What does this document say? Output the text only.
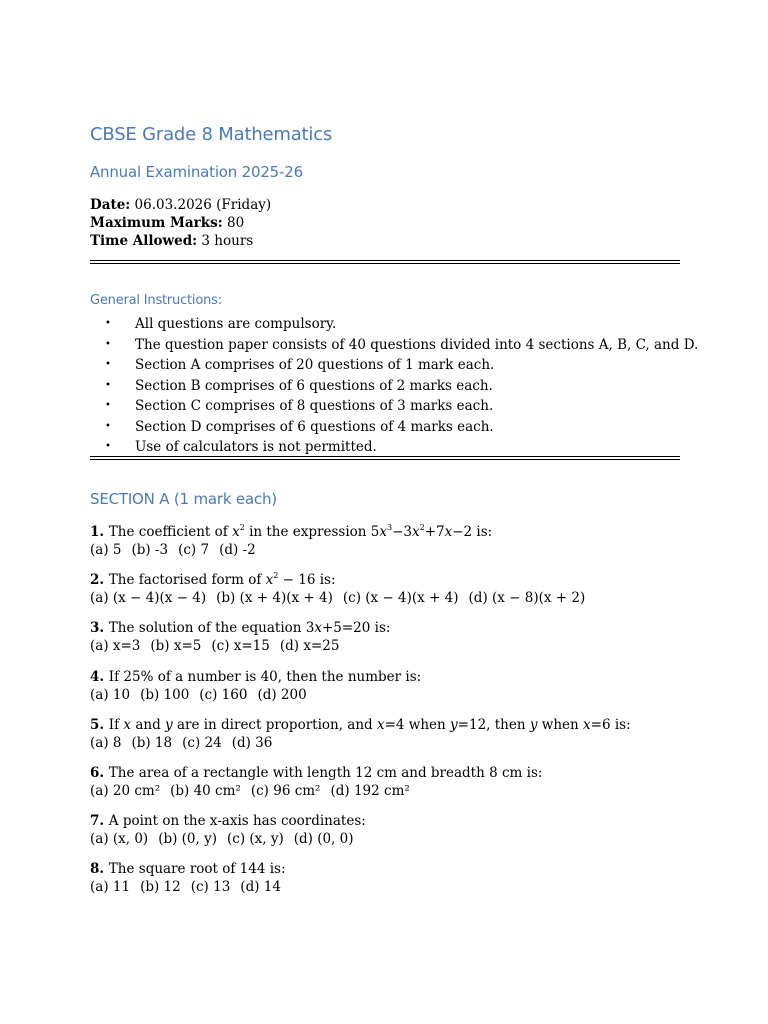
CBSE Grade 8 Mathematics
Annual Examination 2025-26
Date: 06.03.2026 (Friday)
Maximum Marks: 80
Time Allowed: 3 hours
General Instructions:
• All questions are compulsory.
• The question paper consists of 40 questions divided into 4 sections A, B, C, and D.
• Section A comprises of 20 questions of 1 mark each.
• Section B comprises of 6 questions of 2 marks each.
• Section C comprises of 8 questions of 3 marks each.
• Section D comprises of 6 questions of 4 marks each.
• Use of calculators is not permitted.
SECTION A (1 mark each)
1. The coefficient of $x^2$ in the expression $5x^3-3x^2+7x-2$ is:
(a) 5 (b) -3 (c) 7 (d) -2
2. The factorised form of $x^2 - 16$ is:
(a) (x − 4)(x − 4) (b) (x + 4)(x + 4) (c) (x − 4)(x + 4) (d) (x − 8)(x + 2)
3. The solution of the equation 3x+5=20 is:
(a) x=3 (b) x=5 (c) x=15 (d) x=25
4. If 25% of a number is 40, then the number is:
(a) 10 (b) 100 (c) 160 (d) 200
5. If x and y are in direct proportion, and x=4 when y=12, then y when x=6 is:
(a) 8 (b) 18 (c) 24 (d) 36
6. The area of a rectangle with length 12 cm and breadth 8 cm is:
(a) 20 cm² (b) 40 cm² (c) 96 cm² (d) 192 cm²
7. A point on the x-axis has coordinates:
(a) (x, 0) (b) (0, y) (c) (x, y) (d) (0, 0)
8. The square root of 144 is:
(a) 11 (b) 12 (c) 13 (d) 14
